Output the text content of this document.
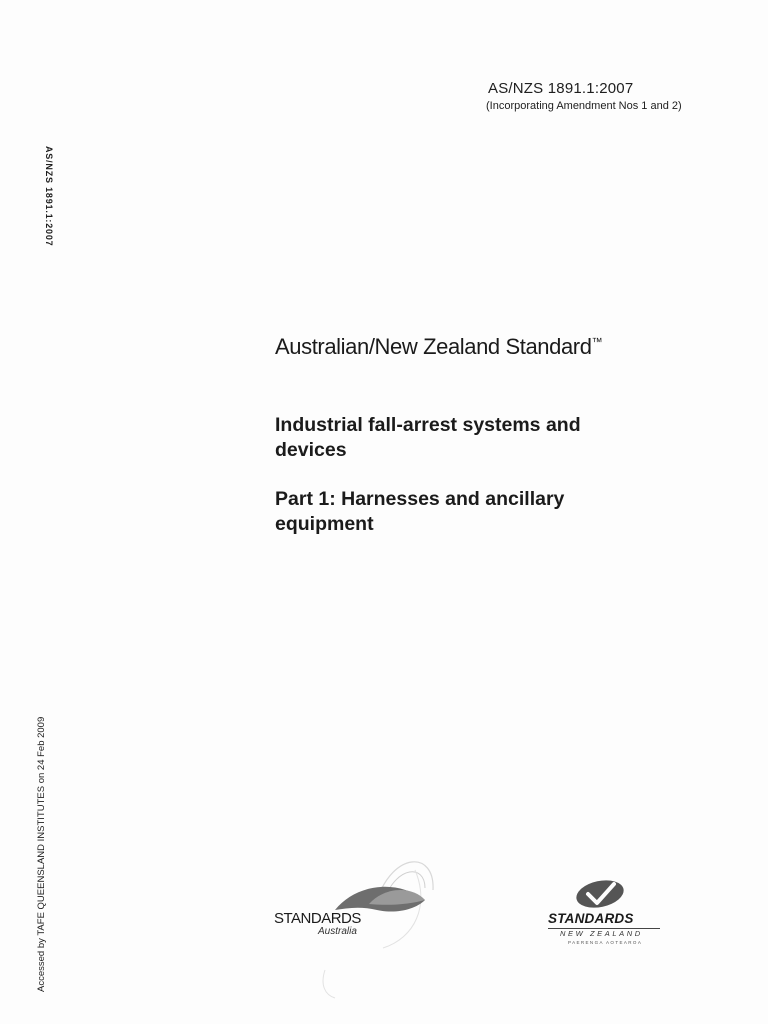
AS/NZS 1891.1:2007
(Incorporating Amendment Nos 1 and 2)
AS/NZS 1891.1:2007
Accessed by TAFE QUEENSLAND INSTITUTES on 24 Feb 2009
Australian/New Zealand Standard™
Industrial fall-arrest systems and devices
Part 1: Harnesses and ancillary equipment
STANDARDS
Australia
STANDARDS
NEW ZEALAND
PAERENGA AOTEAROA
